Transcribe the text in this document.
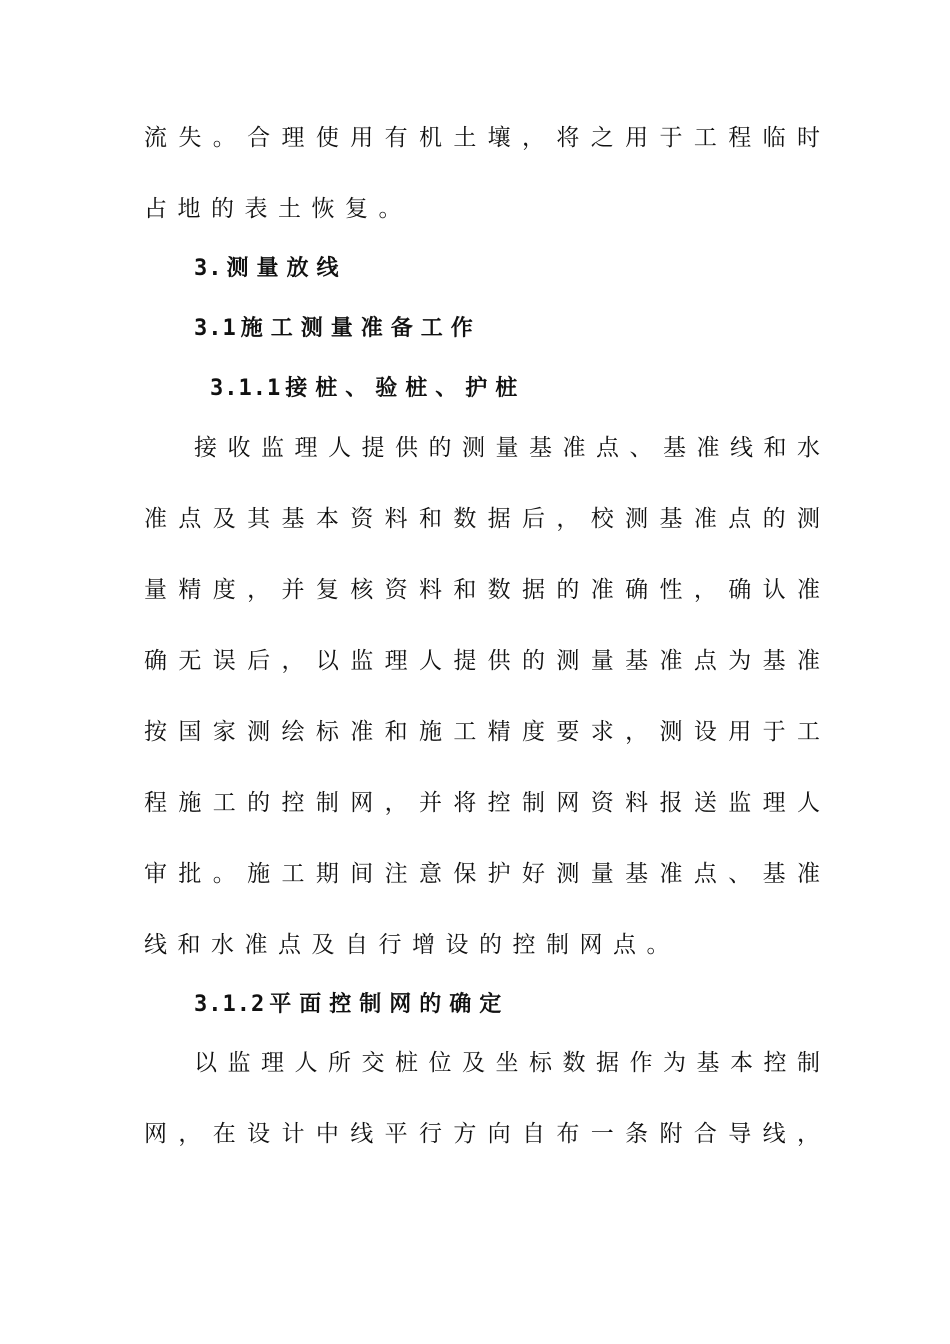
流失。合理使用有机土壤，将之用于工程临时
占地的表土恢复。
3. 测量放线
3.1 施工测量准备工作
3.1.1 接桩、验桩、护桩
接收监理人提供的测量基准点、基准线和水
准点及其基本资料和数据后，校测基准点的测
量精度，并复核资料和数据的准确性，确认准
确无误后，以监理人提供的测量基准点为基准
按国家测绘标准和施工精度要求，测设用于工
程施工的控制网，并将控制网资料报送监理人
审批。施工期间注意保护好测量基准点、基准
线和水准点及自行增设的控制网点。
3.1.2 平面控制网的确定
以监理人所交桩位及坐标数据作为基本控制
网，在设计中线平行方向自布一条附合导线，
